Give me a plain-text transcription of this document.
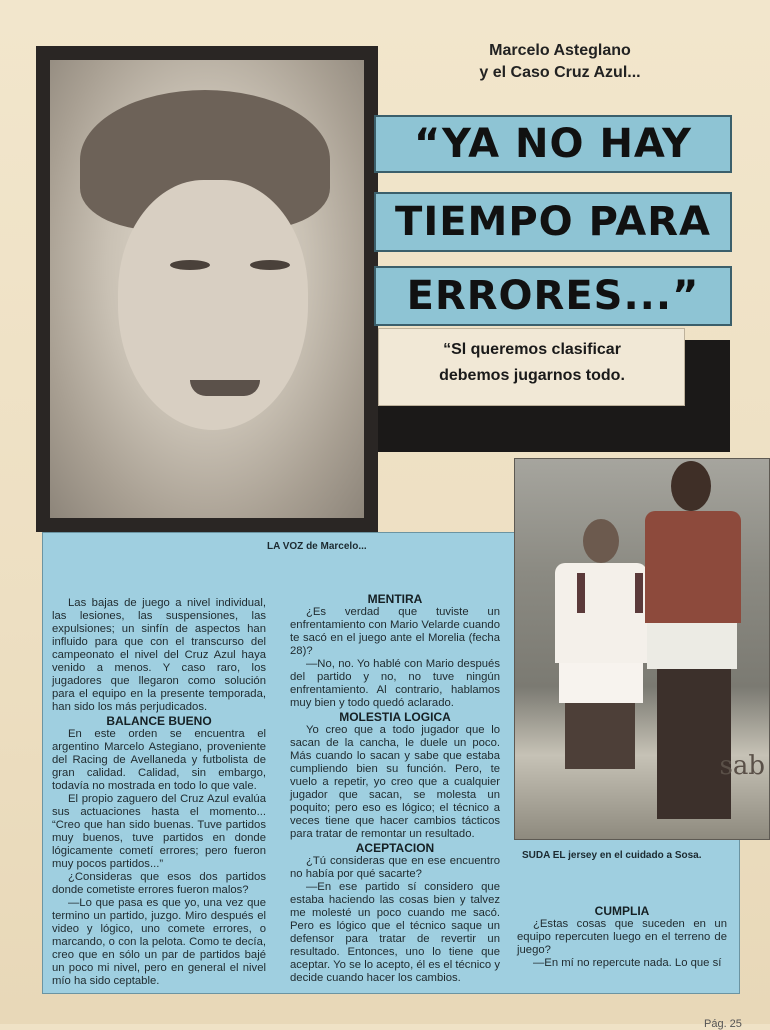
Marcelo Asteglano
y el Caso Cruz Azul...
“YA NO HAY
TIEMPO PARA
ERRORES...”
“Sl queremos clasificar
debemos jugarnos todo.
LA VOZ de Marcelo...

Las bajas de juego a nivel individual, las lesiones, las suspensiones, las expulsiones; un sinfín de aspectos han influido para que con el transcurso del campeonato el nivel del Cruz Azul haya venido a menos. Y caso raro, los jugadores que llegaron como solución para el equipo en la presente temporada, han sido los más perjudicados.

BALANCE BUENO

En este orden se encuentra el argentino Marcelo Astegiano, proveniente del Racing de Avellaneda y futbolista de gran calidad. Calidad, sin embargo, todavía no mostrada en todo lo que vale.

El propio zaguero del Cruz Azul evalúa sus actuaciones hasta el momento... “Creo que han sido buenas. Tuve partidos muy buenos, tuve partidos en donde lógicamente cometí errores; pero fueron muy pocos partidos...”

¿Consideras que esos dos partidos donde cometiste errores fueron malos?

—Lo que pasa es que yo, una vez que termino un partido, juzgo. Miro después el video y lógico, uno comete errores, o marcando, o con la pelota. Como te decía, creo que en sólo un par de partidos bajé un poco mi nivel, pero en general el nivel mío ha sido ceptable.

MENTIRA

¿Es verdad que tuviste un enfrentamiento con Mario Velarde cuando te sacó en el juego ante el Morelia (fecha 28)?

—No, no. Yo hablé con Mario después del partido y no, no tuve ningún enfrentamiento. Al contrario, hablamos muy bien y todo quedó aclarado.

MOLESTIA LOGICA

Yo creo que a todo jugador que lo sacan de la cancha, le duele un poco. Más cuando lo sacan y sabe que estaba cumpliendo bien su función. Pero, te vuelo a repetir, yo creo que a cualquier jugador que sacan, se molesta un poquito; pero eso es lógico; el técnico a veces tiene que hacer cambios tácticos para tratar de remontar un resultado.

ACEPTACION

¿Tú consideras que en ese encuentro no había por qué sacarte?

—En ese partido sí considero que estaba haciendo las cosas bien y talvez me molesté un poco cuando me sacó. Pero es lógico que el técnico saque un defensor para tratar de revertir un resultado. Entonces, uno lo tiene que aceptar. Yo se lo acepto, él es el técnico y decide cuando hacer los cambios.

sab
SUDA EL jersey en el cuidado a Sosa.
CUMPLIA

¿Estas cosas que suceden en un equipo repercuten luego en el terreno de juego?

—En mí no repercute nada. Lo que sí

Pág. 25
